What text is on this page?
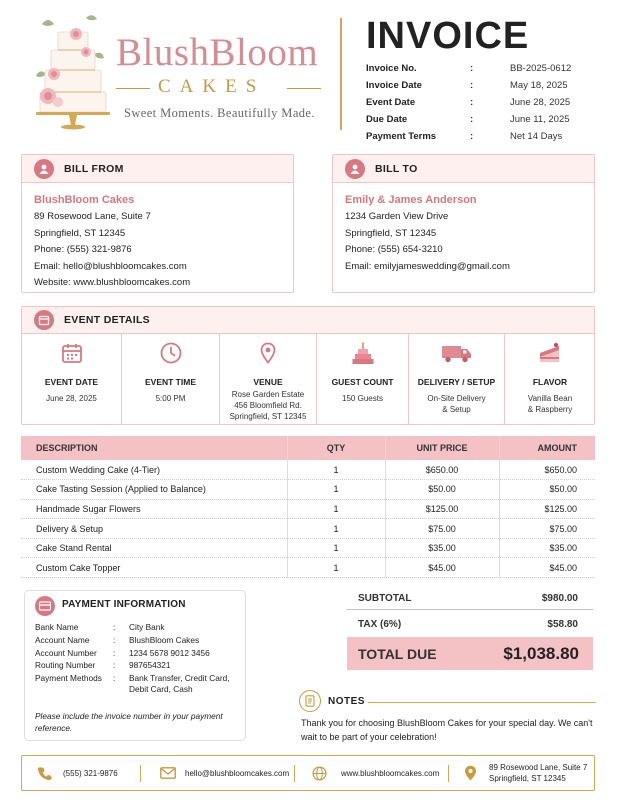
BlushBloom
CAKES
Sweet Moments. Beautifully Made.
INVOICE
Invoice No.	:	BB-2025-0612
Invoice Date	:	May 18, 2025
Event Date	:	June 28, 2025
Due Date	:	June 11, 2025
Payment Terms	:	Net 14 Days
BILL FROM
BlushBloom Cakes
89 Rosewood Lane, Suite 7
Springfield, ST 12345
Phone: (555) 321-9876
Email: hello@blushbloomcakes.com
Website: www.blushbloomcakes.com
BILL TO
Emily & James Anderson
1234 Garden View Drive
Springfield, ST 12345
Phone: (555) 654-3210
Email: emilyjameswedding@gmail.com
EVENT DETAILS
EVENT DATE
June 28, 2025
EVENT TIME
5:00 PM
VENUE
Rose Garden Estate
456 Bloomfield Rd.
Springfield, ST 12345
GUEST COUNT
150 Guests
DELIVERY / SETUP
On-Site Delivery
& Setup
FLAVOR
Vanilla Bean
& Raspberry
DESCRIPTION	QTY	UNIT PRICE	AMOUNT
Custom Wedding Cake (4-Tier)	1	$650.00	$650.00
Cake Tasting Session (Applied to Balance)	1	$50.00	$50.00
Handmade Sugar Flowers	1	$125.00	$125.00
Delivery & Setup	1	$75.00	$75.00
Cake Stand Rental	1	$35.00	$35.00
Custom Cake Topper	1	$45.00	$45.00
PAYMENT INFORMATION
Bank Name	:	City Bank
Account Name	:	BlushBloom Cakes
Account Number	:	1234 5678 9012 3456
Routing Number	:	987654321
Payment Methods	:	Bank Transfer, Credit Card, Debit Card, Cash
Please include the invoice number in your payment reference.
SUBTOTAL	$980.00
TAX (6%)	$58.80
TOTAL DUE	$1,038.80
NOTES
Thank you for choosing BlushBloom Cakes for your special day. We can't wait to be part of your celebration!
(555) 321-9876	hello@blushbloomcakes.com	www.blushbloomcakes.com
89 Rosewood Lane, Suite 7
Springfield, ST 12345
